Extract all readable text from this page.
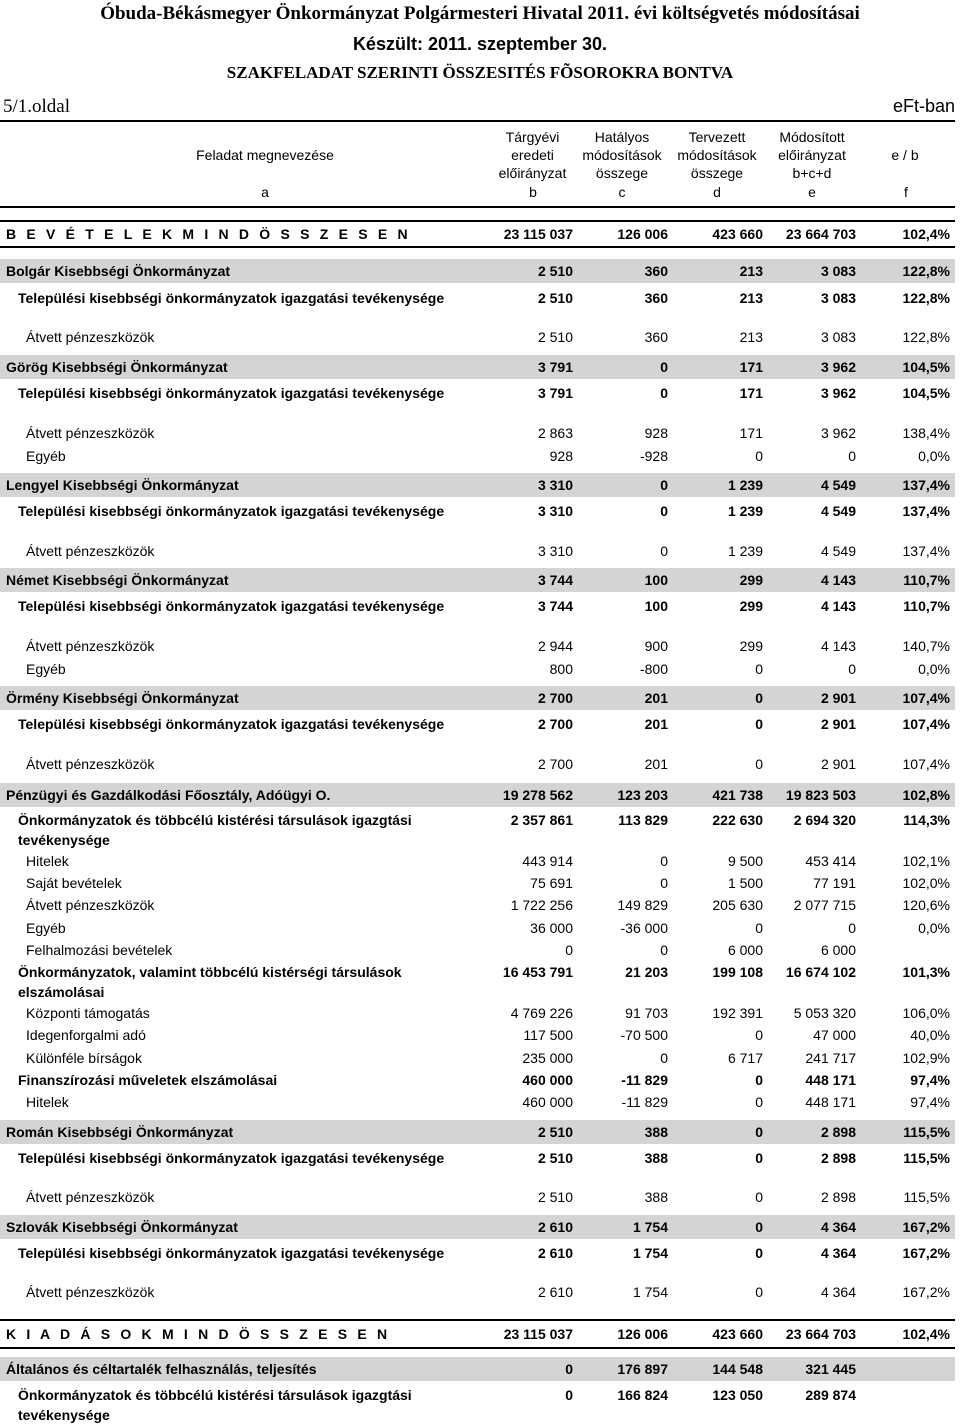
Óbuda-Békásmegyer Önkormányzat Polgármesteri Hivatal 2011. évi költségvetés módosításai
Készült: 2011. szeptember 30.
SZAKFELADAT SZERINTI ÖSSZESITÉS FÕSOROKRA BONTVA
5/1.oldal	eFt-ban
Feladat megnevezése
Tárgyévi
eredeti
előirányzat
Hatályos
módosítások
összege
Tervezett
módosítások
összege
Módosított
előirányzat
b+c+d
e / b
a	b	c	d	e	f
B E V É T E L E K M I N D Ö S S Z E S E N	23 115 037	126 006	423 660	23 664 703	102,4%
Bolgár Kisebbségi Önkormányzat	2 510	360	213	3 083	122,8%
Települési kisebbségi önkormányzatok igazgatási tevékenysége	2 510	360	213	3 083	122,8%
Átvett pénzeszközök	2 510	360	213	3 083	122,8%
Görög Kisebbségi Önkormányzat	3 791	0	171	3 962	104,5%
Települési kisebbségi önkormányzatok igazgatási tevékenysége	3 791	0	171	3 962	104,5%
Átvett pénzeszközök	2 863	928	171	3 962	138,4%
Egyéb	928	-928	0	0	0,0%
Lengyel Kisebbségi Önkormányzat	3 310	0	1 239	4 549	137,4%
Települési kisebbségi önkormányzatok igazgatási tevékenysége	3 310	0	1 239	4 549	137,4%
Átvett pénzeszközök	3 310	0	1 239	4 549	137,4%
Német Kisebbségi Önkormányzat	3 744	100	299	4 143	110,7%
Települési kisebbségi önkormányzatok igazgatási tevékenysége	3 744	100	299	4 143	110,7%
Átvett pénzeszközök	2 944	900	299	4 143	140,7%
Egyéb	800	-800	0	0	0,0%
Örmény Kisebbségi Önkormányzat	2 700	201	0	2 901	107,4%
Települési kisebbségi önkormányzatok igazgatási tevékenysége	2 700	201	0	2 901	107,4%
Átvett pénzeszközök	2 700	201	0	2 901	107,4%
Pénzügyi és Gazdálkodási Főosztály, Adóügyi O.	19 278 562	123 203	421 738	19 823 503	102,8%
Önkormányzatok és többcélú kistérési társulások igazgtási tevékenysége
2 357 861	113 829	222 630	2 694 320	114,3%
Hitelek	443 914	0	9 500	453 414	102,1%
Saját bevételek	75 691	0	1 500	77 191	102,0%
Átvett pénzeszközök	1 722 256	149 829	205 630	2 077 715	120,6%
Egyéb	36 000	-36 000	0	0	0,0%
Felhalmozási bevételek	0	0	6 000	6 000
Önkormányzatok, valamint többcélú kistérségi társulások elszámolásai
16 453 791	21 203	199 108	16 674 102	101,3%
Központi támogatás	4 769 226	91 703	192 391	5 053 320	106,0%
Idegenforgalmi adó	117 500	-70 500	0	47 000	40,0%
Különféle bírságok	235 000	0	6 717	241 717	102,9%
Finanszírozási műveletek elszámolásai	460 000	-11 829	0	448 171	97,4%
Hitelek	460 000	-11 829	0	448 171	97,4%
Román Kisebbségi Önkormányzat	2 510	388	0	2 898	115,5%
Települési kisebbségi önkormányzatok igazgatási tevékenysége	2 510	388	0	2 898	115,5%
Átvett pénzeszközök	2 510	388	0	2 898	115,5%
Szlovák Kisebbségi Önkormányzat	2 610	1 754	0	4 364	167,2%
Települési kisebbségi önkormányzatok igazgatási tevékenysége	2 610	1 754	0	4 364	167,2%
Átvett pénzeszközök	2 610	1 754	0	4 364	167,2%
K I A D Á S O K M I N D Ö S S Z E S E N	23 115 037	126 006	423 660	23 664 703	102,4%
Általános és céltartalék felhasználás, teljesítés	0	176 897	144 548	321 445
Önkormányzatok és többcélú kistérési társulások igazgtási tevékenysége
0	166 824	123 050	289 874
